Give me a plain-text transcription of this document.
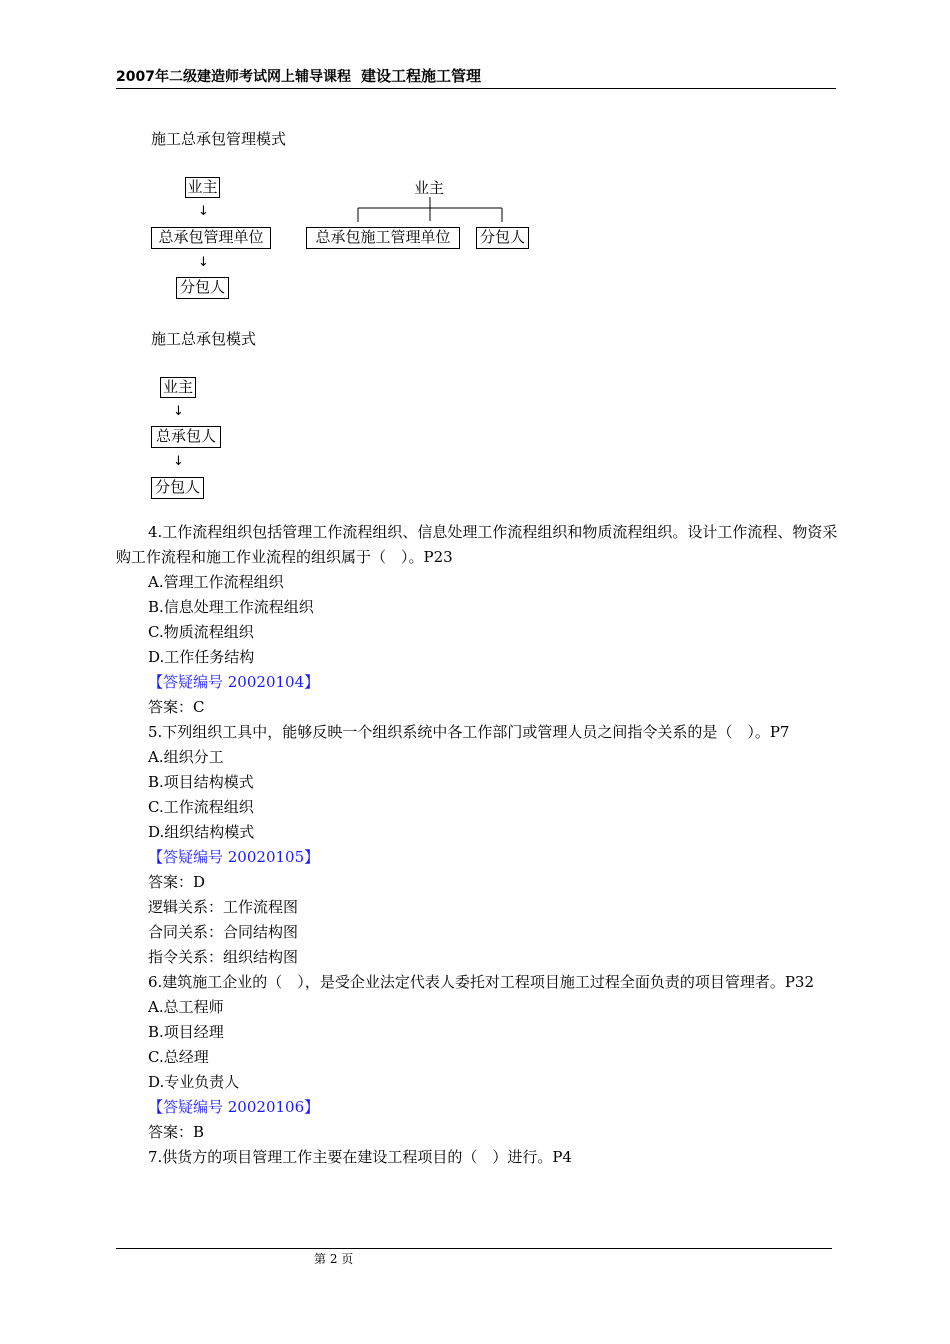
2007年二级建造师考试网上辅导课程 建设工程施工管理
施工总承包管理模式
业主
↓
总承包管理单位
↓
分包人
业主
总承包施工管理单位	分包人
施工总承包模式
业主
↓
总承包人
↓
分包人

4.工作流程组织包括管理工作流程组织、信息处理工作流程组织和物质流程组织。设计工作流程、物资采购工作流程和施工作业流程的组织属于（　）。P23

A.管理工作流程组织

B.信息处理工作流程组织

C.物质流程组织

D.工作任务结构

【答疑编号 20020104】

答案：C

5.下列组织工具中，能够反映一个组织系统中各工作部门或管理人员之间指令关系的是（　）。P7

A.组织分工

B.项目结构模式

C.工作流程组织

D.组织结构模式

【答疑编号 20020105】

答案：D

逻辑关系：工作流程图

合同关系：合同结构图

指令关系：组织结构图

6.建筑施工企业的（　），是受企业法定代表人委托对工程项目施工过程全面负责的项目管理者。P32

A.总工程师

B.项目经理

C.总经理

D.专业负责人

【答疑编号 20020106】

答案：B

7.供货方的项目管理工作主要在建设工程项目的（　）进行。P4

第 2 页
